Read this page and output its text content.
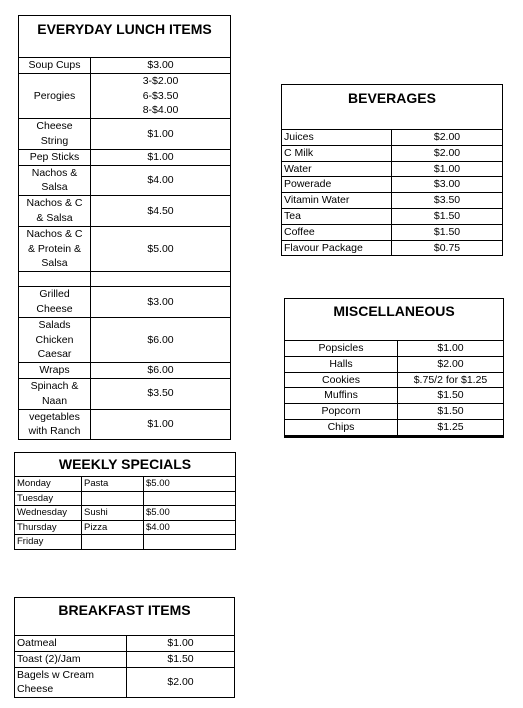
EVERYDAY LUNCH ITEMS
Soup Cups	$3.00
Perogies	3-$2.00
6-$3.50
8-$4.00
Cheese
String	$1.00
Pep Sticks	$1.00
Nachos &
Salsa	$4.00
Nachos & C
& Salsa	$4.50
Nachos & C
& Protein &
Salsa	$5.00

Grilled
Cheese	$3.00
Salads
Chicken
Caesar	$6.00
Wraps	$6.00
Spinach &
Naan	$3.50
vegetables
with Ranch	$1.00
BEVERAGES
Juices	$2.00
C Milk	$2.00
Water	$1.00
Powerade	$3.00
Vitamin Water	$3.50
Tea	$1.50
Coffee	$1.50
Flavour Package	$0.75
MISCELLANEOUS
Popsicles	$1.00
Halls	$2.00
Cookies	$.75/2 for $1.25
Muffins	$1.50
Popcorn	$1.50
Chips	$1.25

WEEKLY SPECIALS
Monday	Pasta	$5.00
Tuesday		
Wednesday	Sushi	$5.00
Thursday	Pizza	$4.00
Friday		
BREAKFAST ITEMS
Oatmeal	$1.00
Toast (2)/Jam	$1.50
Bagels w Cream
Cheese	$2.00
